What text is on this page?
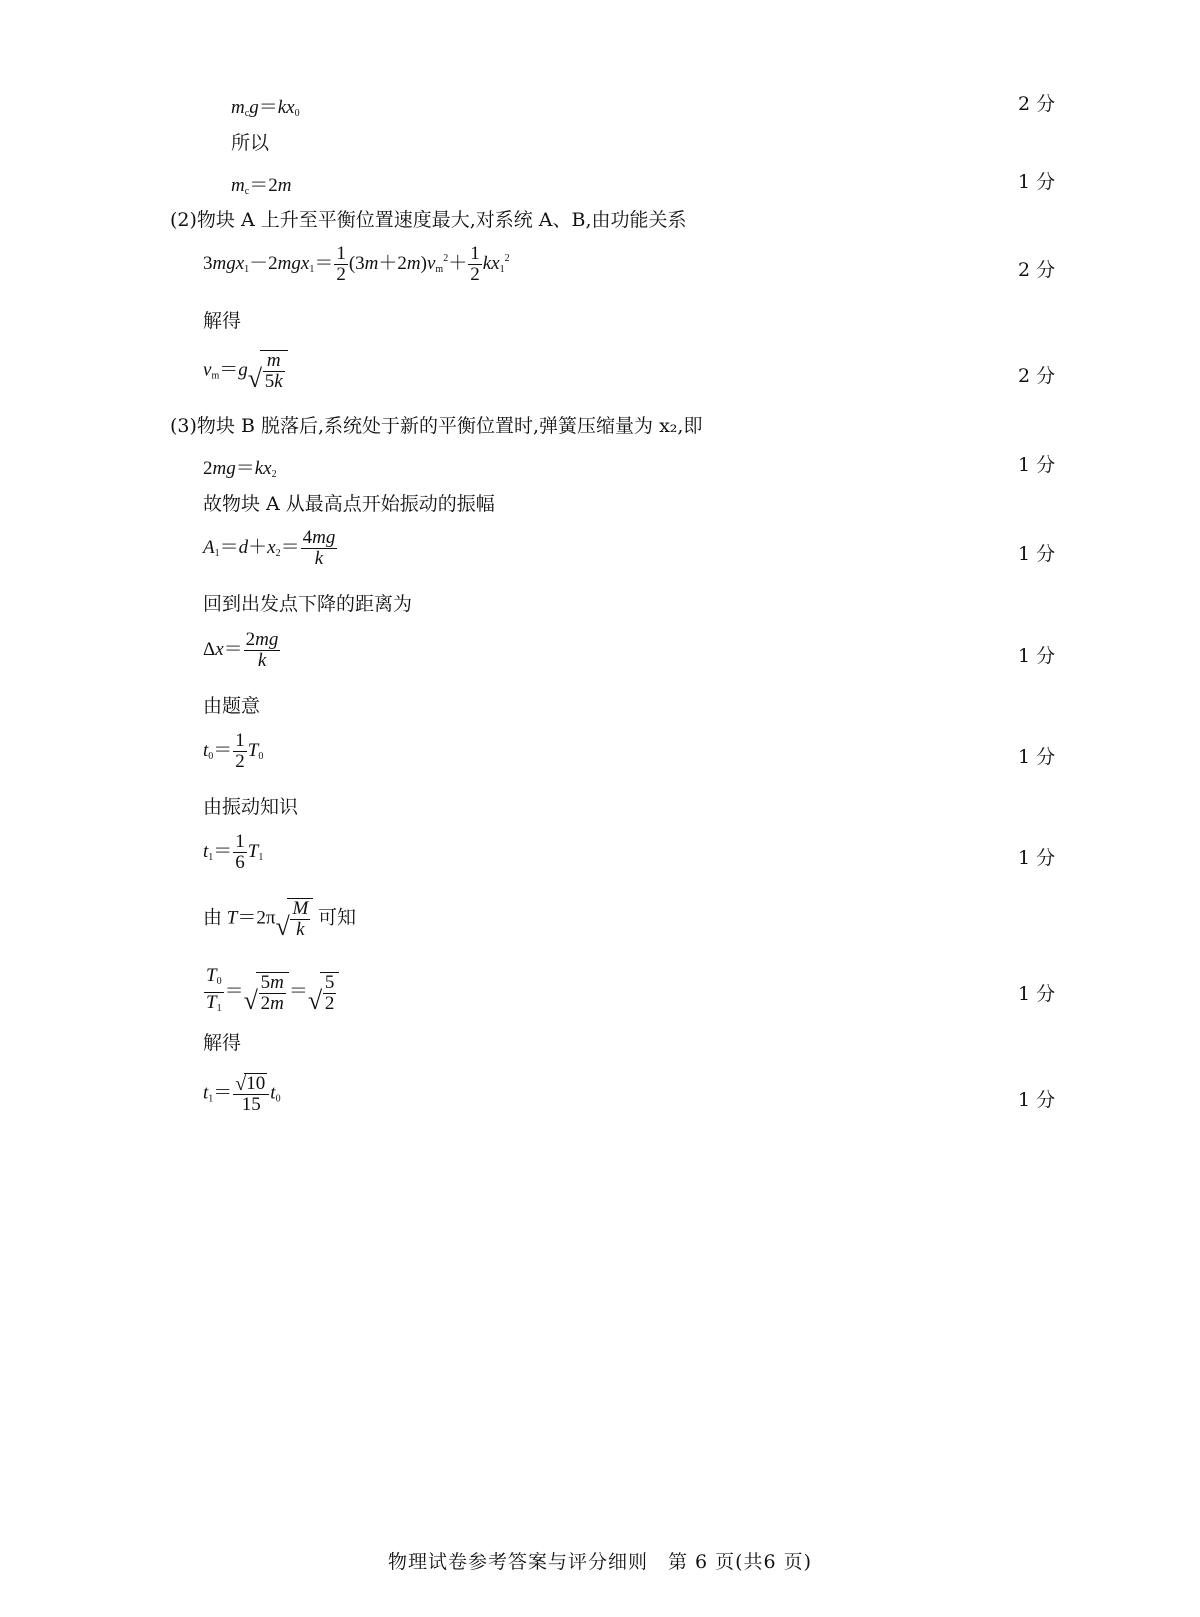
$m_cg=kx_0$	2 分
所以
$m_c=2m$	1 分
(2)物块 A 上升至平衡位置速度最大,对系统 A、B,由功能关系
$3mgx_1-2mgx_1= \frac{1}{2} (3m+2m)v_m^2+ \frac{1}{2} kx_1^2$
2 分
解得
$v_m=g$ √ $\frac{m}{5k}$	2 分
(3)物块 B 脱落后,系统处于新的平衡位置时,弹簧压缩量为 x₂,即
$2mg=kx_2$	1 分
故物块 A 从最高点开始振动的振幅
$A_1=d+x_2= \frac{4mg}{k}$	1 分
回到出发点下降的距离为
$\Delta x= \frac{2mg}{k}$	1 分
由题意
$t_0= \frac{1}{2} T_0$	1 分
由振动知识
$t_1= \frac{1}{6} T_1$	1 分
由 T＝2π √ $\frac{M}{k}$ 可知
$\frac{T_0}{T_1}$ ＝ √ $\frac{5m}{2m}$ ＝ √ $\frac{5}{2}$	1 分
解得
$t_1= \frac{√ 10}{15} t_0$	1 分
物理试卷参考答案与评分细则　第 6 页(共6 页)
